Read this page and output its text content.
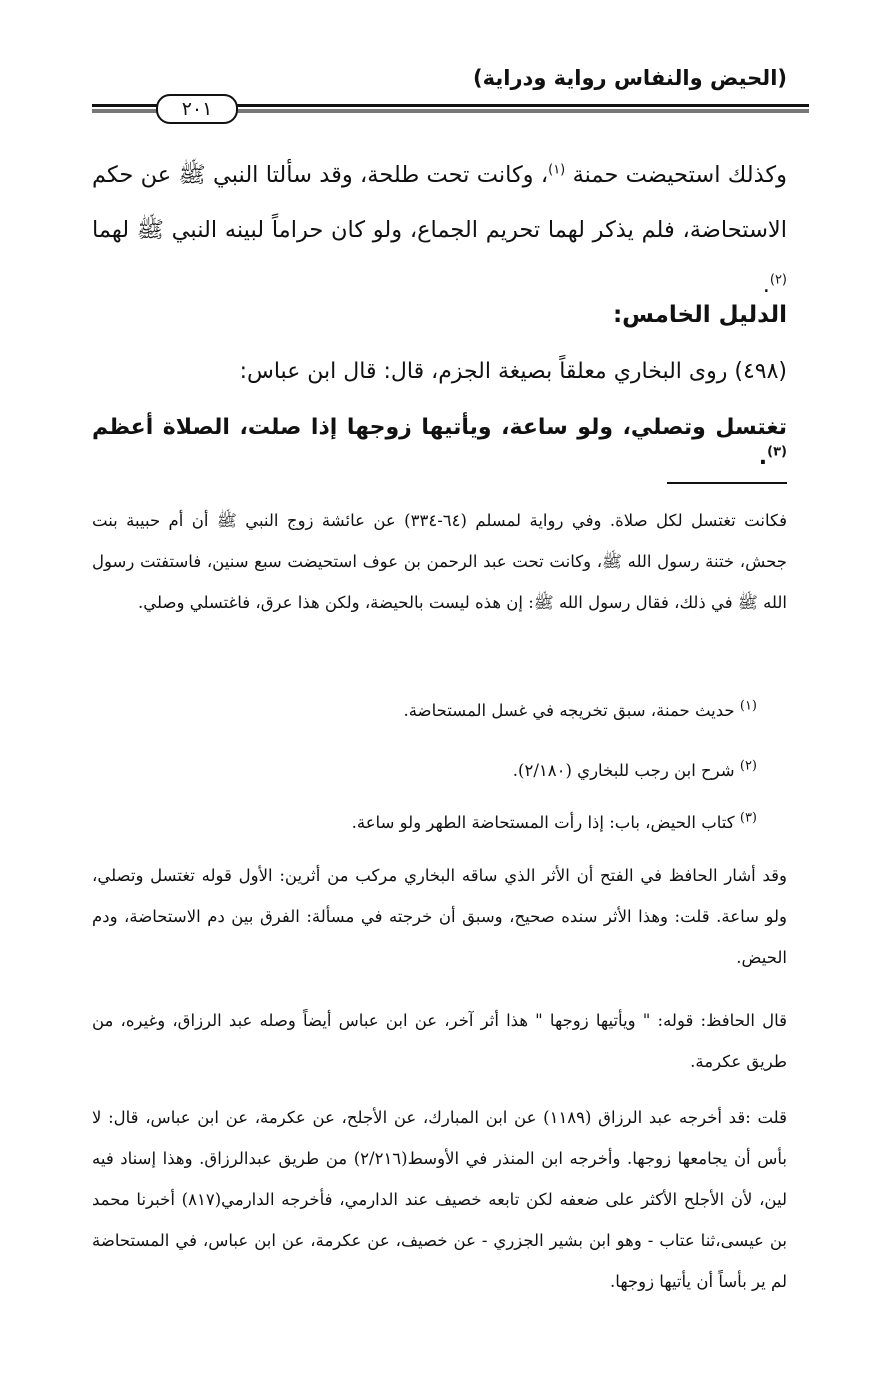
(الحيض والنفاس رواية ودراية)
٢٠١
وكذلك استحيضت حمنة $^{(١)}$، وكانت تحت طلحة، وقد سألتا النبي ﷺ عن حكم الاستحاضة، فلم يذكر لهما تحريم الجماع، ولو كان حراماً لبينه النبي ﷺ لهما $^{(٢)}$.
الدليل الخامس:
(٤٩٨) روى البخاري معلقاً بصيغة الجزم، قال: قال ابن عباس:
تغتسل وتصلي، ولو ساعة، ويأتيها زوجها إذا صلت، الصلاة أعظم $^{(٣)}$.
فكانت تغتسل لكل صلاة. وفي رواية لمسلم (٦٤-٣٣٤) عن عائشة زوج النبي ﷺ أن أم حبيبة بنت جحش، ختنة رسول الله ﷺ، وكانت تحت عبد الرحمن بن عوف استحيضت سبع سنين، فاستفتت رسول الله ﷺ في ذلك، فقال رسول الله ﷺ: إن هذه ليست بالحيضة، ولكن هذا عرق، فاغتسلي وصلي.
$^{(١)}$ حديث حمنة، سبق تخريجه في غسل المستحاضة.
$^{(٢)}$ شرح ابن رجب للبخاري (٢/١٨٠).
$^{(٣)}$ كتاب الحيض، باب: إذا رأت المستحاضة الطهر ولو ساعة.
وقد أشار الحافظ في الفتح أن الأثر الذي ساقه البخاري مركب من أثرين: الأول قوله تغتسل وتصلي، ولو ساعة. قلت: وهذا الأثر سنده صحيح، وسبق أن خرجته في مسألة: الفرق بين دم الاستحاضة، ودم الحيض.
قال الحافظ: قوله: " ويأتيها زوجها " هذا أثر آخر، عن ابن عباس أيضاً وصله عبد الرزاق، وغيره، من طريق عكرمة.
قلت :قد أخرجه عبد الرزاق (١١٨٩) عن ابن المبارك، عن الأجلح، عن عكرمة، عن ابن عباس، قال: لا بأس أن يجامعها زوجها. وأخرجه ابن المنذر في الأوسط(٢/٢١٦) من طريق عبدالرزاق. وهذا إسناد فيه لين، لأن الأجلح الأكثر على ضعفه لكن تابعه خصيف عند الدارمي، فأخرجه الدارمي(٨١٧) أخبرنا محمد بن عيسى،ثنا عتاب - وهو ابن بشير الجزري - عن خصيف، عن عكرمة، عن ابن عباس، في المستحاضة لم ير بأساً أن يأتيها زوجها.
